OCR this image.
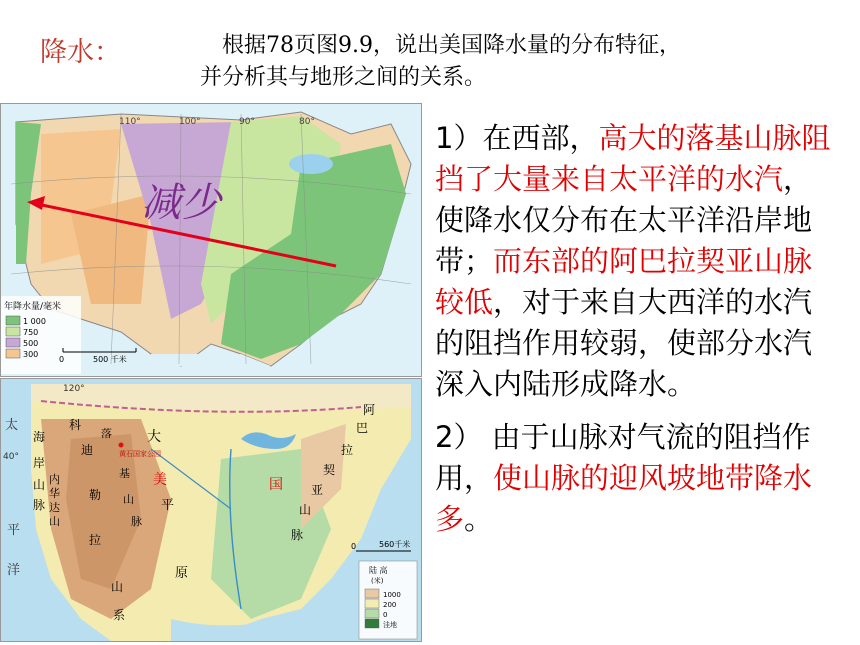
降水：	根据78页图9.9，说出美国降水量的分布特征，
并分析其与地形之间的关系。
110°	100°	90°	80°
减少
年降水量/毫米
1 000
750
500
300
0	500 千米
120°
40°
太
平
洋
海
岸
山
脉
内
华
达
山
科
迪
勒
拉
山
系
落
基
山
脉
黄石国家公园
大
美	国
平
原
阿
巴
拉
契
亚
山
脉
0	560千米
陆 高
(米)
1000
200
0
洼地

1）在西部，高大的落基山脉阻挡了大量来自太平洋的水汽，使降水仅分布在太平洋沿岸地带；而东部的阿巴拉契亚山脉较低，对于来自大西洋的水汽的阻挡作用较弱，使部分水汽深入内陆形成降水。

2） 由于山脉对气流的阻挡作用，使山脉的迎风坡地带降水多。
